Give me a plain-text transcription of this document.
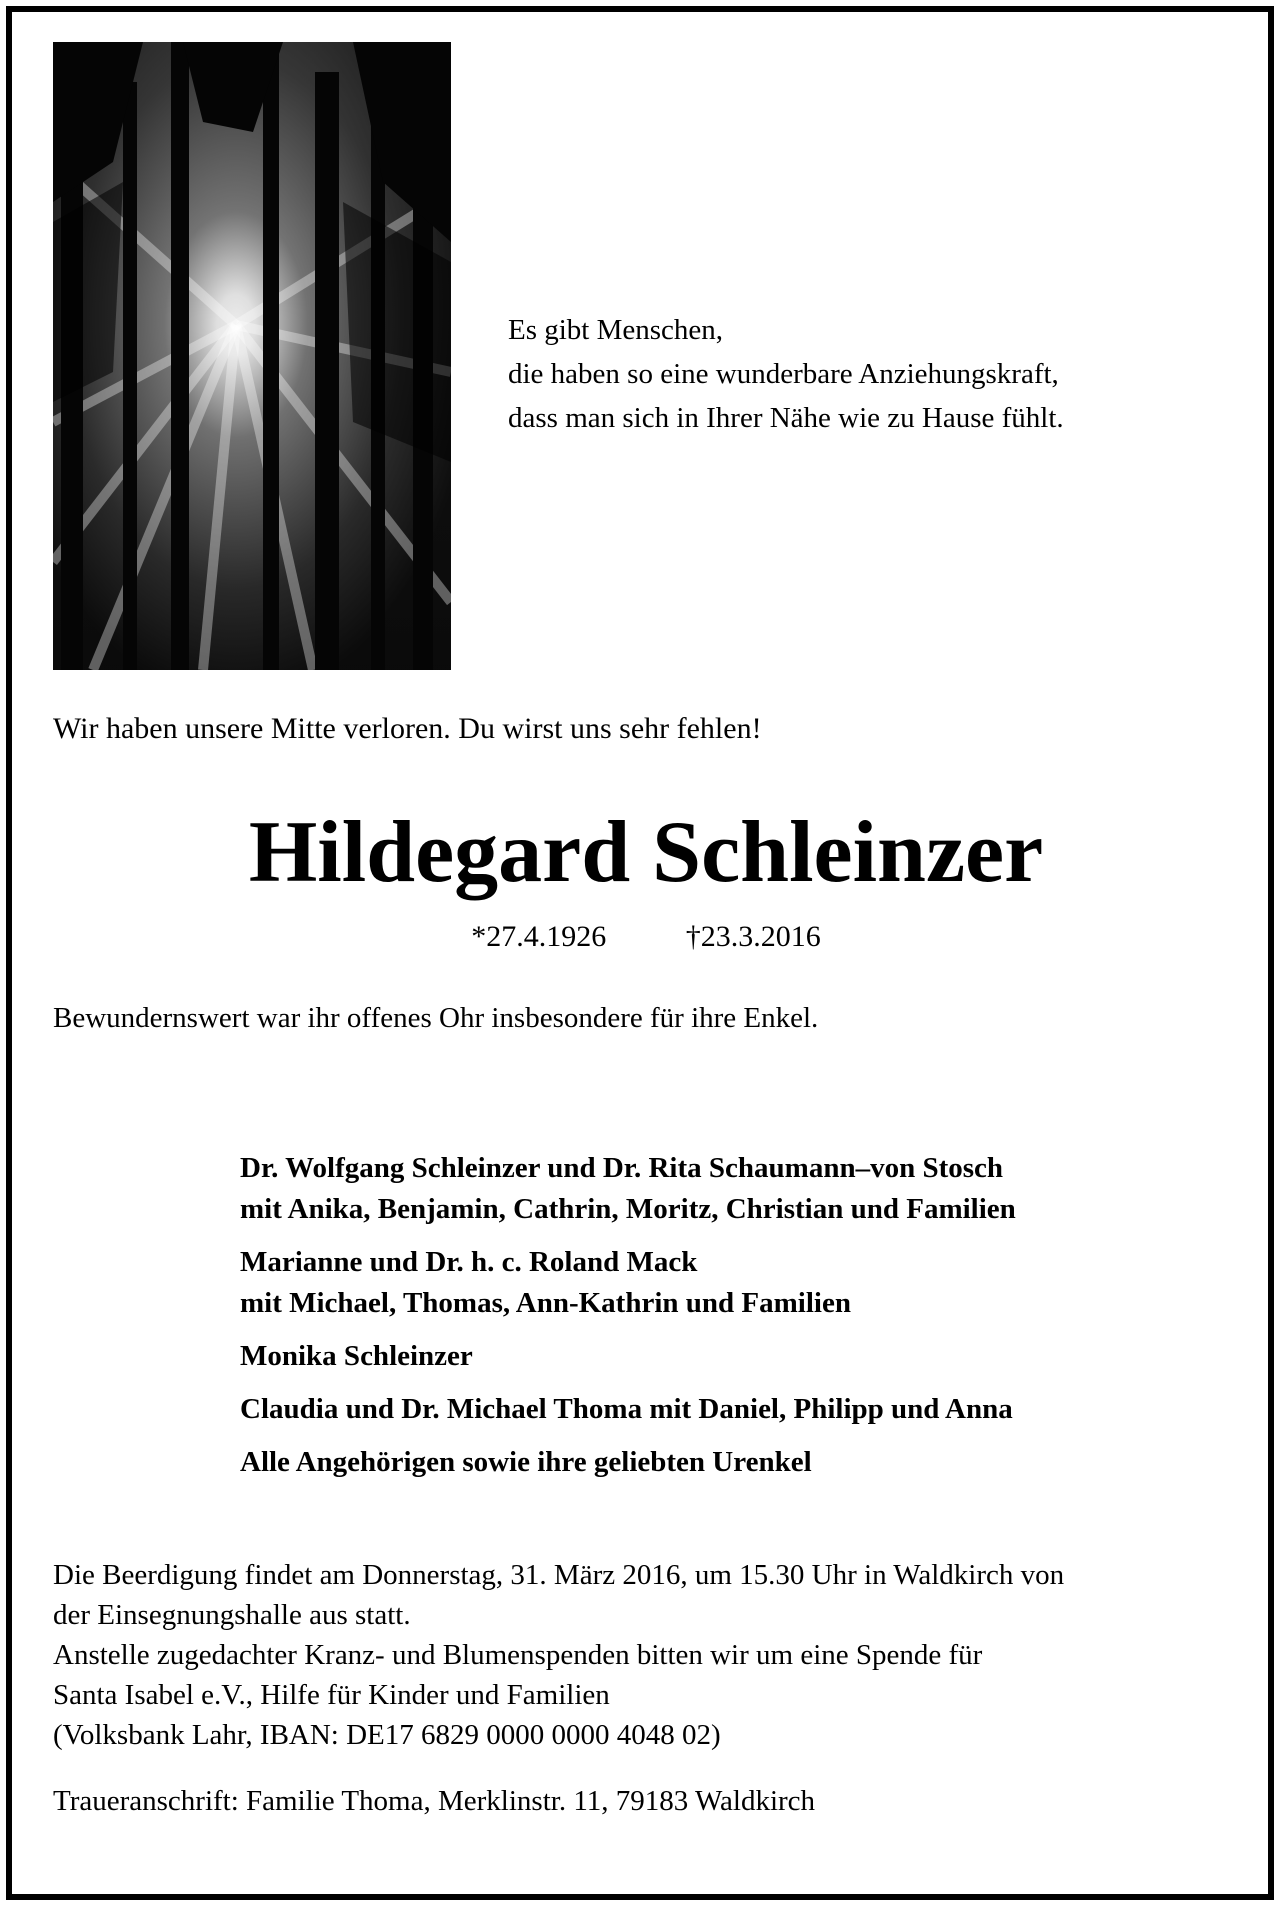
Es gibt Menschen,
die haben so eine wunderbare Anziehungskraft,
dass man sich in Ihrer Nähe wie zu Hause fühlt.
Wir haben unsere Mitte verloren. Du wirst uns sehr fehlen!
Hildegard Schleinzer
*27.4.1926	†23.3.2016
Bewundernswert war ihr offenes Ohr insbesondere für ihre Enkel.
Dr. Wolfgang Schleinzer und Dr. Rita Schaumann–von Stosch
mit Anika, Benjamin, Cathrin, Moritz, Christian und Familien
Marianne und Dr. h. c. Roland Mack
mit Michael, Thomas, Ann-Kathrin und Familien
Monika Schleinzer
Claudia und Dr. Michael Thoma mit Daniel, Philipp und Anna
Alle Angehörigen sowie ihre geliebten Urenkel
Die Beerdigung findet am Donnerstag, 31. März 2016, um 15.30 Uhr in Waldkirch von
der Einsegnungshalle aus statt.
Anstelle zugedachter Kranz- und Blumenspenden bitten wir um eine Spende für
Santa Isabel e.V., Hilfe für Kinder und Familien
(Volksbank Lahr, IBAN: DE17 6829 0000 0000 4048 02)
Traueranschrift: Familie Thoma, Merklinstr. 11, 79183 Waldkirch
